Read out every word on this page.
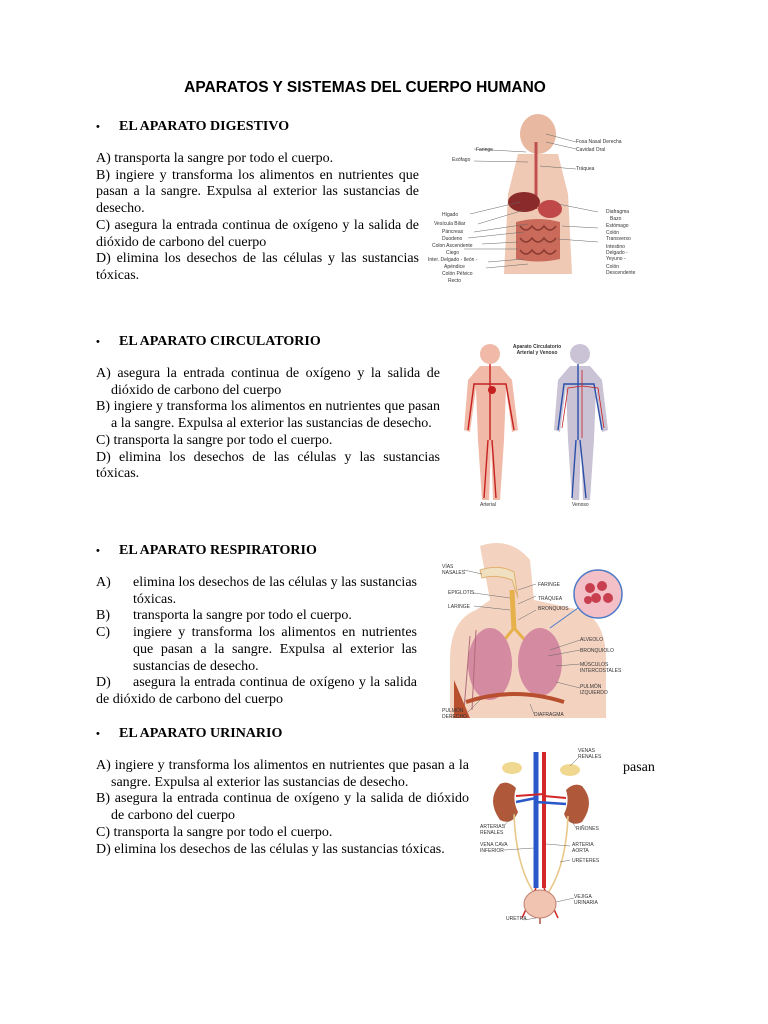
APARATOS Y SISTEMAS DEL CUERPO HUMANO
• EL APARATO DIGESTIVO

A) transporta la sangre por todo el cuerpo.

B) ingiere y transforma los alimentos en nutrientes que pasan a la sangre. Expulsa al exterior las sustancias de desecho.

C) asegura la entrada continua de oxígeno y la salida de dióxido de carbono del cuerpo

D) elimina los desechos de las células y las sustancias tóxicas.

Faringe
Esófago
Hígado
Vesícula Biliar
Páncreas
Duodeno
Colon Ascendente
Ciego
Inter. Delgado - Ileón -
Apéndice
Colón Pélvico
Recto
Fosa Nasal Derecha
Cavidad Oral
Tráquea
Diafragma
Bazo
Estómago
Colón Transverso
Intestino Delgado - Yeyuno -
Colón Descendente
• EL APARATO CIRCULATORIO

A) asegura la entrada continua de oxígeno y la salida de dióxido de carbono del cuerpo

B) ingiere y transforma los alimentos en nutrientes que pasan a la sangre. Expulsa al exterior las sustancias de desecho.

C) transporta la sangre por todo el cuerpo.

D) elimina los desechos de las células y las sustancias tóxicas.

Aparato Circulatorio Arterial y Venoso
Arterial	Venoso
• EL APARATO RESPIRATORIO
A)	elimina los desechos de las células y las sustancias tóxicas.
B)	transporta la sangre por todo el cuerpo.
C)	ingiere y transforma los alimentos en nutrientes que pasan a la sangre. Expulsa al exterior las sustancias de desecho.

D) asegura la entrada continua de oxígeno y la salida de dióxido de carbono del cuerpo

VÍAS NASALES
EPIGLOTIS
LARINGE
FARINGE
TRÁQUEA
BRONQUIOS
ALVEOLO
BRONQUIOLO
MÚSCULOS INTERCOSTALES
PULMÓN IZQUIERDO
PULMÓN DERECHO	DIAFRAGMA
• EL APARATO URINARIO

A) ingiere y transforma los alimentos en nutrientes que pasan a la sangre. Expulsa al exterior las sustancias de desecho.

B) asegura la entrada continua de oxígeno y la salida de dióxido de carbono del cuerpo

C) transporta la sangre por todo el cuerpo.

D) elimina los desechos de las células y las sustancias tóxicas.

VENAS RENALES
ARTERIAS RENALES
RIÑONES
VENA CAVA INFERIOR
ARTERIA AORTA
URÉTERES
VEJIGA URINARIA
URETRA
pasan
